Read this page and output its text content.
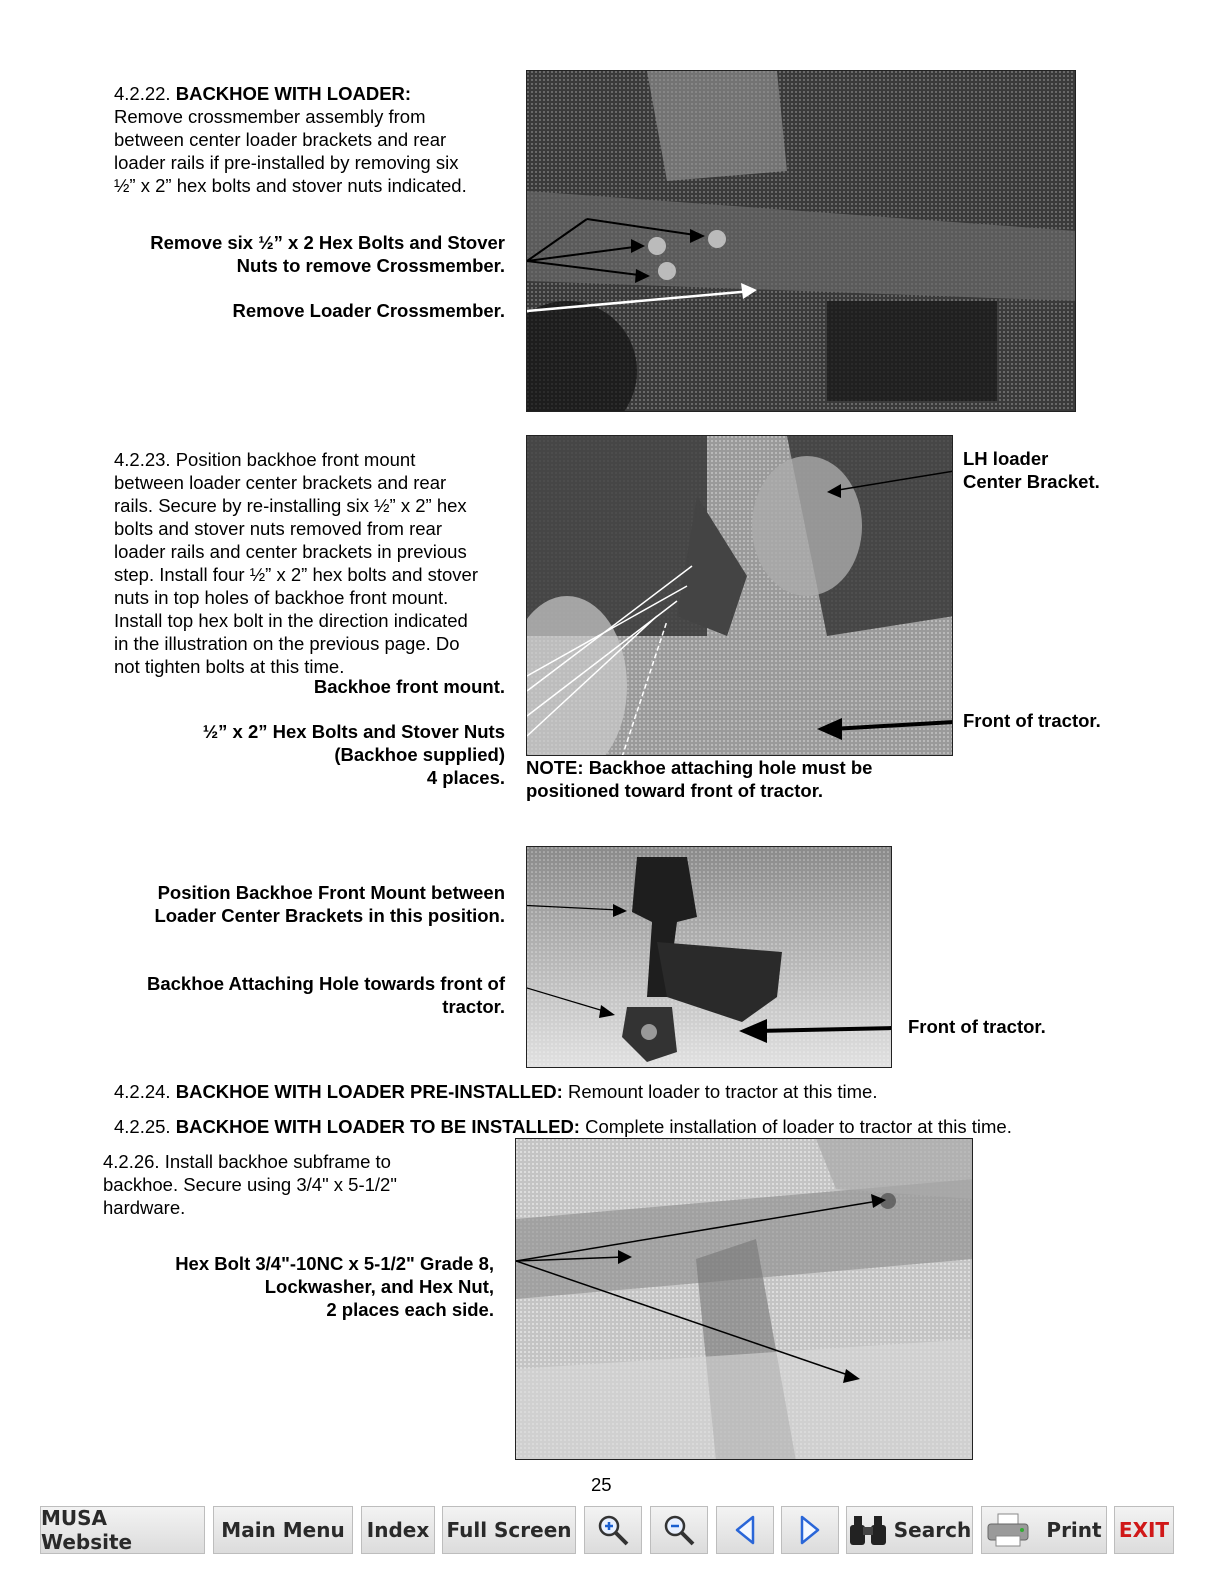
4.2.22. BACKHOE WITH LOADER:
Remove crossmember assembly from
between center loader brackets and rear
loader rails if pre-installed by removing six
½” x 2” hex bolts and stover nuts indicated.
Remove six ½” x 2 Hex Bolts and Stover
Nuts to remove Crossmember.
Remove Loader Crossmember.
4.2.23. Position backhoe front mount
between loader center brackets and rear
rails. Secure by re-installing six ½” x 2” hex
bolts and stover nuts removed from rear
loader rails and center brackets in previous
step. Install four ½” x 2” hex bolts and stover
nuts in top holes of backhoe front mount.
Install top hex bolt in the direction indicated
in the illustration on the previous page. Do
not tighten bolts at this time.
Backhoe front mount.
½” x 2” Hex Bolts and Stover Nuts
(Backhoe supplied)
4 places.
LH loader
Center Bracket.
Front of tractor.
NOTE: Backhoe attaching hole must be
positioned toward front of tractor.
Position Backhoe Front Mount between
Loader Center Brackets in this position.
Backhoe Attaching Hole towards front of
tractor.
Front of tractor.
4.2.24. BACKHOE WITH LOADER PRE-INSTALLED: Remount loader to tractor at this time.
4.2.25. BACKHOE WITH LOADER TO BE INSTALLED: Complete installation of loader to tractor at this time.
4.2.26. Install backhoe subframe to
backhoe. Secure using 3/4" x 5-1/2"
hardware.
Hex Bolt 3/4"-10NC x 5-1/2" Grade 8,
Lockwasher, and Hex Nut,
2 places each side.
25
MUSA Website	Main Menu Index Full Screen	Search	Print EXIT
